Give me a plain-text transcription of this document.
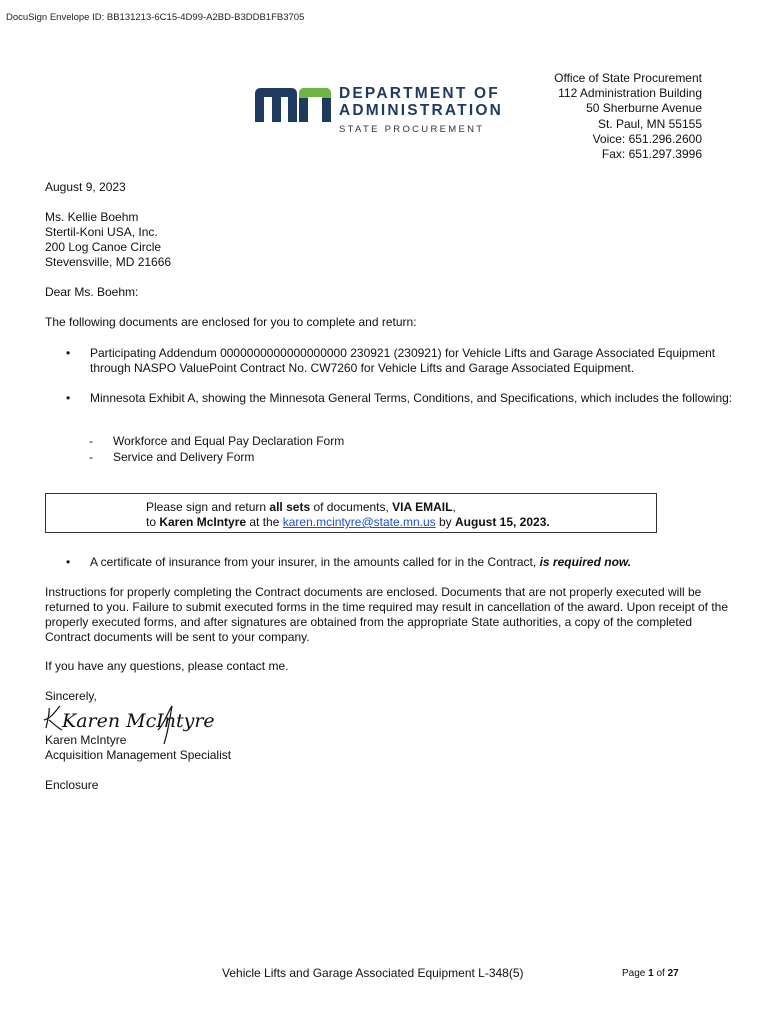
DocuSign Envelope ID: BB131213-6C15-4D99-A2BD-B3DDB1FB3705
DEPARTMENT OF
ADMINISTRATION
STATE PROCUREMENT
Office of State Procurement
112 Administration Building
50 Sherburne Avenue
St. Paul, MN 55155
Voice: 651.296.2600
Fax: 651.297.3996
August 9, 2023
Ms. Kellie Boehm
Stertil-Koni USA, Inc.
200 Log Canoe Circle
Stevensville, MD 21666
Dear Ms. Boehm:
The following documents are enclosed for you to complete and return:
• Participating Addendum 0000000000000000000 230921 (230921) for Vehicle Lifts and Garage Associated Equipment through NASPO ValuePoint Contract No. CW7260 for Vehicle Lifts and Garage Associated Equipment.
• Minnesota Exhibit A, showing the Minnesota General Terms, Conditions, and Specifications, which includes the following:
- Workforce and Equal Pay Declaration Form
- Service and Delivery Form
Please sign and return all sets of documents, VIA EMAIL,
to Karen McIntyre at the karen.mcintyre@state.mn.us by August 15, 2023.
• A certificate of insurance from your insurer, in the amounts called for in the Contract, is required now.
Instructions for properly completing the Contract documents are enclosed. Documents that are not properly executed will be returned to you. Failure to submit executed forms in the time required may result in cancellation of the award. Upon receipt of the properly executed forms, and after signatures are obtained from the appropriate State authorities, a copy of the completed Contract documents will be sent to your company.
If you have any questions, please contact me.
Sincerely,
Karen McIntyre
Karen McIntyre
Acquisition Management Specialist
Enclosure
Vehicle Lifts and Garage Associated Equipment L-348(5)	Page 1 of 27
